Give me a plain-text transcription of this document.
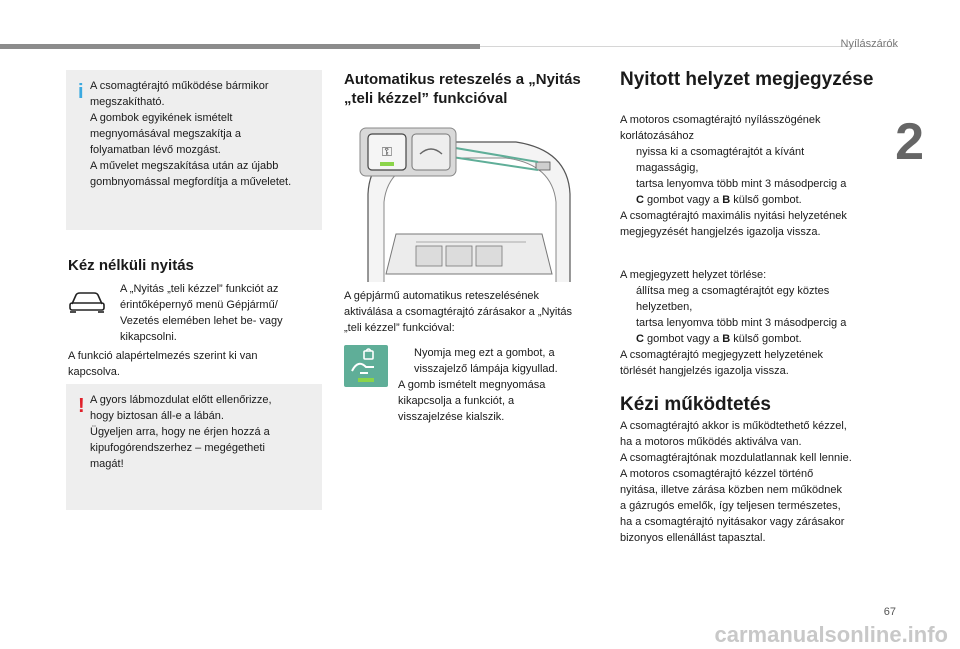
Nyílászárók
2
i A csomagtérajtó működése bármikor
megszakítható.
A gombok egyikének ismételt
megnyomásával megszakítja a
folyamatban lévő mozgást.
A művelet megszakítása után az újabb
gombnyomással megfordítja a műveletet.
Kéz nélküli nyitás
A „Nyitás „teli kézzel” funkciót az
érintőképernyő menü Gépjármű/
Vezetés elemében lehet be- vagy
kikapcsolni.
A funkció alapértelmezés szerint ki van
kapcsolva.
! A gyors lábmozdulat előtt ellenőrizze,
hogy biztosan áll-e a lábán.
Ügyeljen arra, hogy ne érjen hozzá a
kipufogórendszerhez – megégetheti
magát!
Automatikus reteszelés a „Nyitás
„teli kézzel” funkcióval
⚿
A gépjármű automatikus reteszelésének
aktiválása a csomagtérajtó zárásakor a „Nyitás
„teli kézzel” funkcióval:
Nyomja meg ezt a gombot, a
visszajelző lámpája kigyullad.
A gomb ismételt megnyomása
kikapcsolja a funkciót, a
visszajelzése kialszik.
Nyitott helyzet megjegyzése
A motoros csomagtérajtó nyílásszögének
korlátozásához
nyissa ki a csomagtérajtót a kívánt
magasságig,
tartsa lenyomva több mint 3 másodpercig a
C gombot vagy a B külső gombot.
A csomagtérajtó maximális nyitási helyzetének
megjegyzését hangjelzés igazolja vissza.
A megjegyzett helyzet törlése:
állítsa meg a csomagtérajtót egy köztes
helyzetben,
tartsa lenyomva több mint 3 másodpercig a
C gombot vagy a B külső gombot.
A csomagtérajtó megjegyzett helyzetének
törlését hangjelzés igazolja vissza.
Kézi működtetés
A csomagtérajtó akkor is működtethető kézzel,
ha a motoros működés aktiválva van.
A csomagtérajtónak mozdulatlannak kell lennie.
A motoros csomagtérajtó kézzel történő
nyitása, illetve zárása közben nem működnek
a gázrugós emelők, így teljesen természetes,
ha a csomagtérajtó nyitásakor vagy zárásakor
bizonyos ellenállást tapasztal.
67
carmanualsonline.info
